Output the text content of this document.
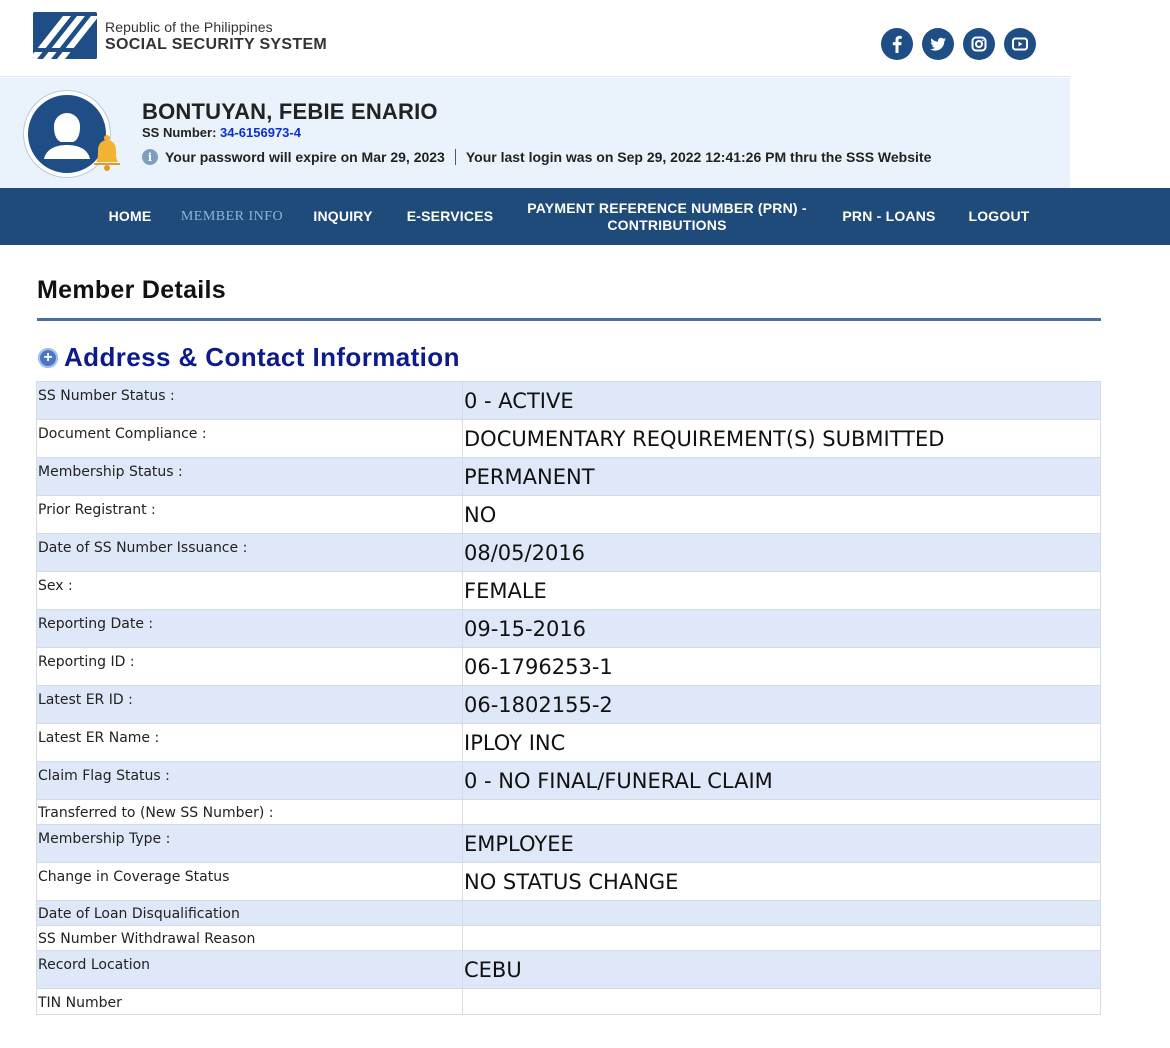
Republic of the Philippines
SOCIAL SECURITY SYSTEM
BONTUYAN, FEBIE ENARIO
SS Number: 34-6156973-4
i Your password will expire on Mar 29, 2023 Your last login was on Sep 29, 2022 12:41:26 PM thru the SSS Website
HOME	MEMBER INFO	INQUIRY	E-SERVICES
PAYMENT REFERENCE NUMBER (PRN) - CONTRIBUTIONS
PRN - LOANS	LOGOUT
Member Details
+ Address & Contact Information
SS Number Status :	0 - ACTIVE
Document Compliance :	DOCUMENTARY REQUIREMENT(S) SUBMITTED
Membership Status :	PERMANENT
Prior Registrant :	NO
Date of SS Number Issuance :	08/05/2016
Sex :	FEMALE
Reporting Date :	09-15-2016
Reporting ID :	06-1796253-1
Latest ER ID :	06-1802155-2
Latest ER Name :	IPLOY INC
Claim Flag Status :	0 - NO FINAL/FUNERAL CLAIM
Transferred to (New SS Number) :	
Membership Type :	EMPLOYEE
Change in Coverage Status	NO STATUS CHANGE
Date of Loan Disqualification	
SS Number Withdrawal Reason	
Record Location	CEBU
TIN Number	
